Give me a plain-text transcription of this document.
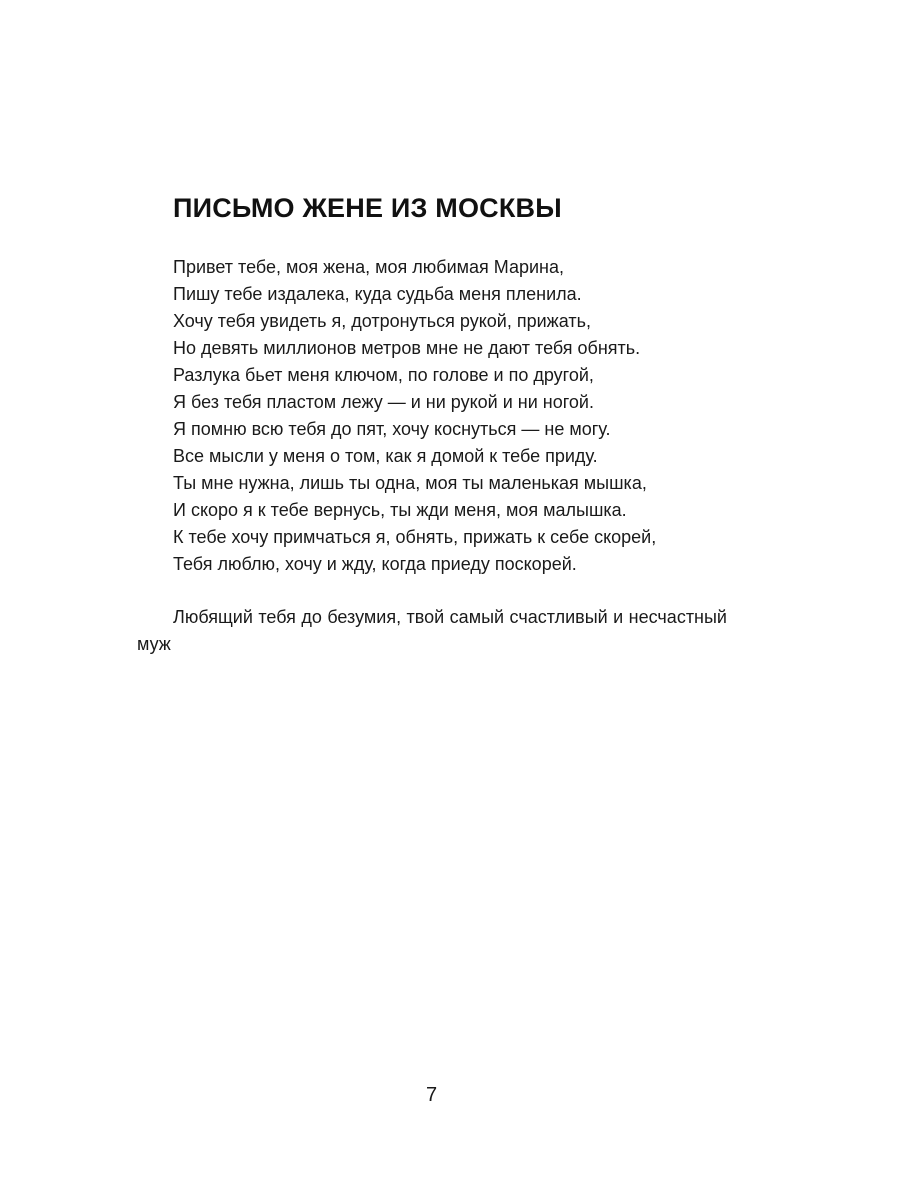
ПИСЬМО ЖЕНЕ ИЗ МОСКВЫ
Привет тебе, моя жена, моя любимая Марина,
Пишу тебе издалека, куда судьба меня пленила.
Хочу тебя увидеть я, дотронуться рукой, прижать,
Но девять миллионов метров мне не дают тебя обнять.
Разлука бьет меня ключом, по голове и по другой,
Я без тебя пластом лежу — и ни рукой и ни ногой.
Я помню всю тебя до пят, хочу коснуться — не могу.
Все мысли у меня о том, как я домой к тебе приду.
Ты мне нужна, лишь ты одна, моя ты маленькая мышка,
И скоро я к тебе вернусь, ты жди меня, моя малышка.
К тебе хочу примчаться я, обнять, прижать к себе скорей,
Тебя люблю, хочу и жду, когда приеду поскорей.

Любящий тебя до безумия, твой самый счастливый и несчастный муж

7
